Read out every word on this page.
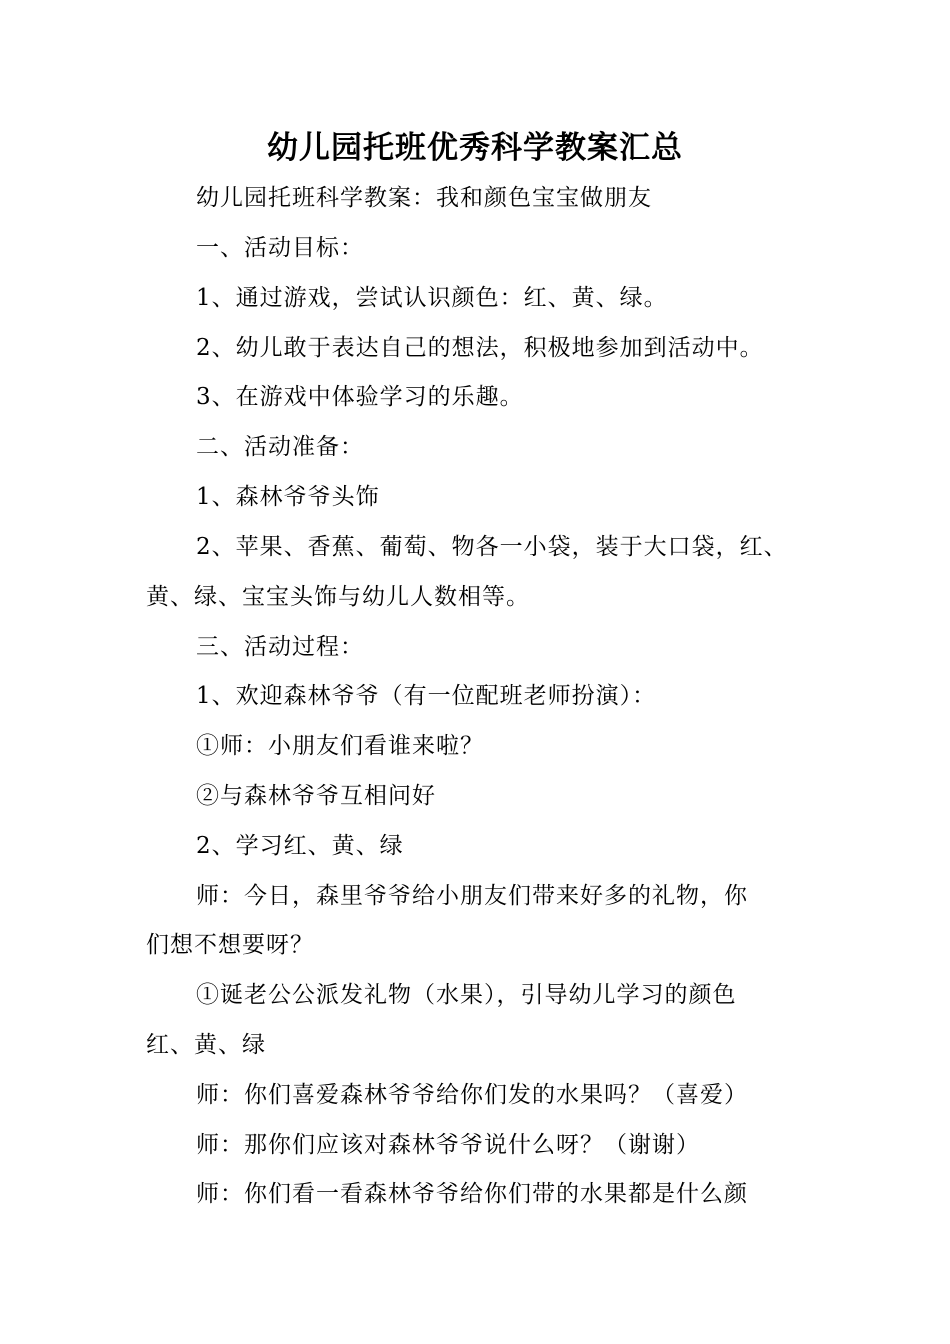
幼儿园托班优秀科学教案汇总
幼儿园托班科学教案：我和颜色宝宝做朋友
一、活动目标：
1、通过游戏，尝试认识颜色：红、黄、绿。
2、幼儿敢于表达自己的想法，积极地参加到活动中。
3、在游戏中体验学习的乐趣。
二、活动准备：
1、森林爷爷头饰
2、苹果、香蕉、葡萄、物各一小袋，装于大口袋，红、
黄、绿、宝宝头饰与幼儿人数相等。
三、活动过程：
1、欢迎森林爷爷（有一位配班老师扮演）：
①师：小朋友们看谁来啦？
②与森林爷爷互相问好
2、学习红、黄、绿
师：今日，森里爷爷给小朋友们带来好多的礼物，你
们想不想要呀？
①诞老公公派发礼物（水果），引导幼儿学习的颜色
红、黄、绿
师：你们喜爱森林爷爷给你们发的水果吗？（喜爱）
师：那你们应该对森林爷爷说什么呀？（谢谢）
师：你们看一看森林爷爷给你们带的水果都是什么颜
